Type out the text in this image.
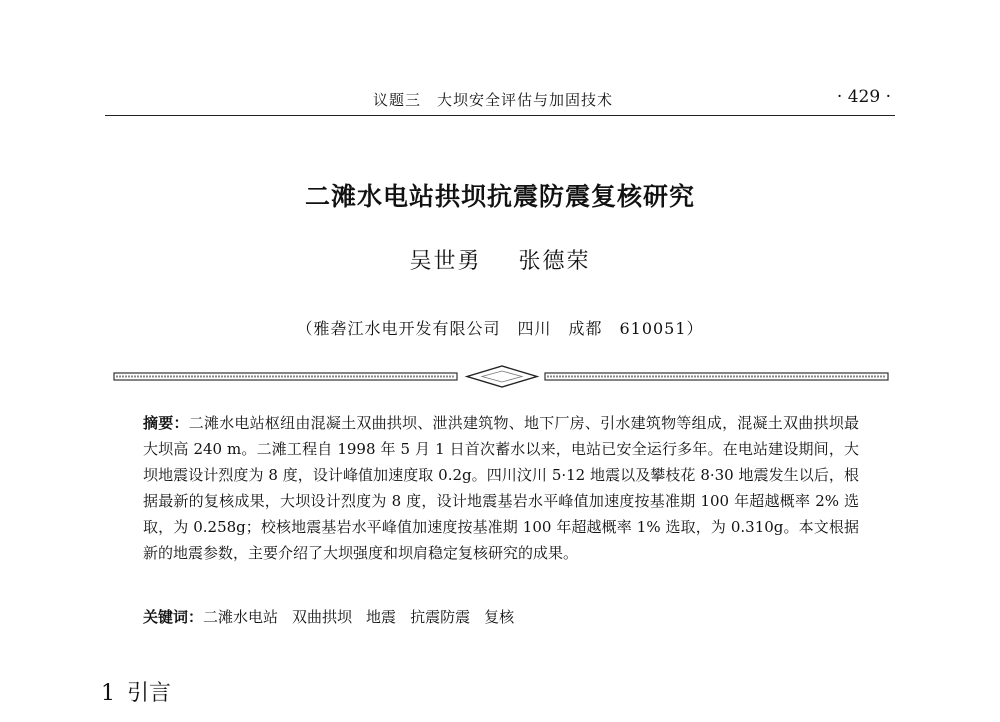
议题三　大坝安全评估与加固技术	· 429 ·
二滩水电站拱坝抗震防震复核研究
吴世勇 张德荣
（雅砻江水电开发有限公司　四川　成都　610051）
摘要：二滩水电站枢纽由混凝土双曲拱坝、泄洪建筑物、地下厂房、引水建筑物等组成，混凝土双曲拱坝最大坝高 240 m。二滩工程自 1998 年 5 月 1 日首次蓄水以来，电站已安全运行多年。在电站建设期间，大坝地震设计烈度为 8 度，设计峰值加速度取 0.2g。四川汶川 5·12 地震以及攀枝花 8·30 地震发生以后，根据最新的复核成果，大坝设计烈度为 8 度，设计地震基岩水平峰值加速度按基准期 100 年超越概率 2% 选取，为 0.258g；校核地震基岩水平峰值加速度按基准期 100 年超越概率 1% 选取，为 0.310g。本文根据新的地震参数，主要介绍了大坝强度和坝肩稳定复核研究的成果。
关键词：二滩水电站 双曲拱坝 地震 抗震防震 复核
1 引言
